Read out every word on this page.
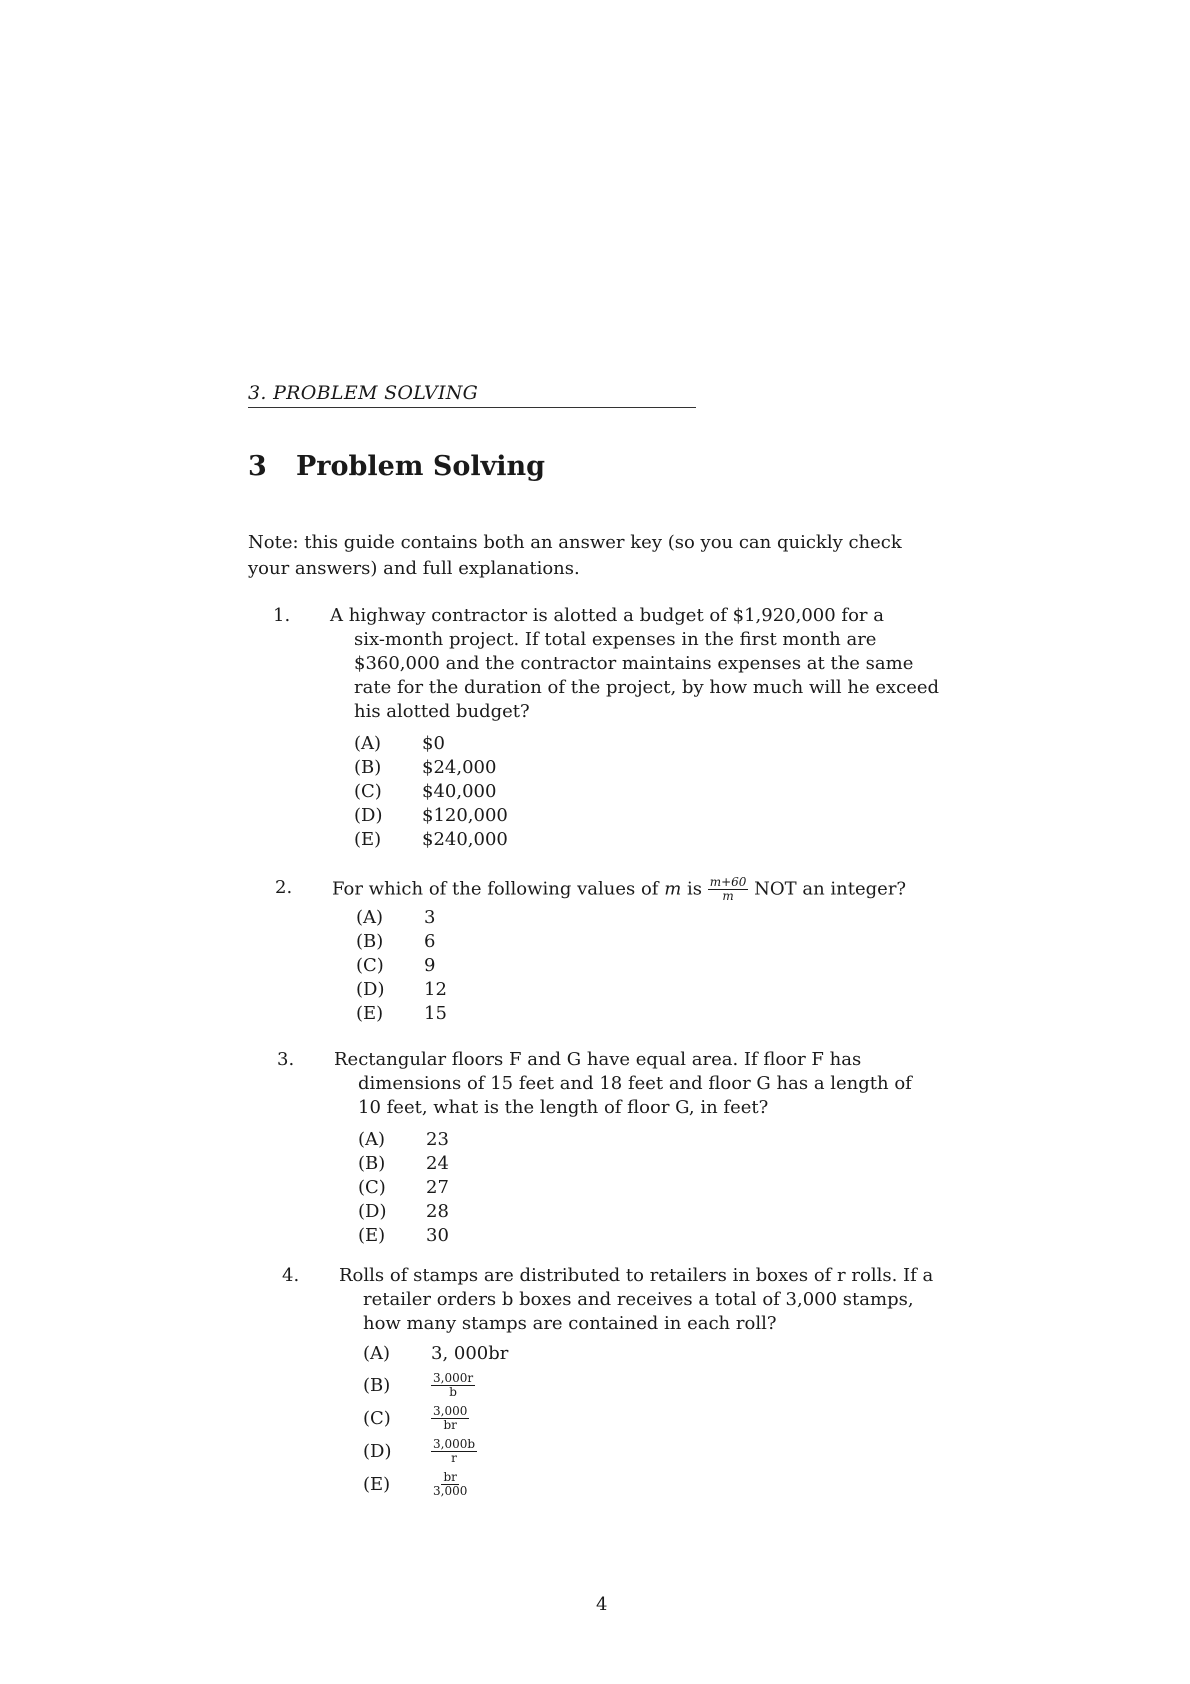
3. PROBLEM SOLVING
3 Problem Solving
Note: this guide contains both an answer key (so you can quickly check your answers) and full explanations.
1. A highway contractor is alotted a budget of $1,920,000 for a
six-month project. If total expenses in the first month are
$360,000 and the contractor maintains expenses at the same
rate for the duration of the project, by how much will he exceed
his alotted budget?
(A) $0
(B) $24,000
(C) $40,000
(D) $120,000
(E) $240,000
2. For which of the following values of m is $\frac{m+60}{m}$ NOT an integer?
(A) 3
(B) 6
(C) 9
(D) 12
(E) 15
3. Rectangular floors F and G have equal area. If floor F has
dimensions of 15 feet and 18 feet and floor G has a length of
10 feet, what is the length of floor G, in feet?
(A) 23
(B) 24
(C) 27
(D) 28
(E) 30
4. Rolls of stamps are distributed to retailers in boxes of r rolls. If a
retailer orders b boxes and receives a total of 3,000 stamps,
how many stamps are contained in each roll?
(A) 3, 000br
(B)	$\frac{3,000r}{b}$
(C)	$\frac{3,000}{br}$
(D)	$\frac{3,000b}{r}$
(E)	$\frac{br}{3,000}$
4
